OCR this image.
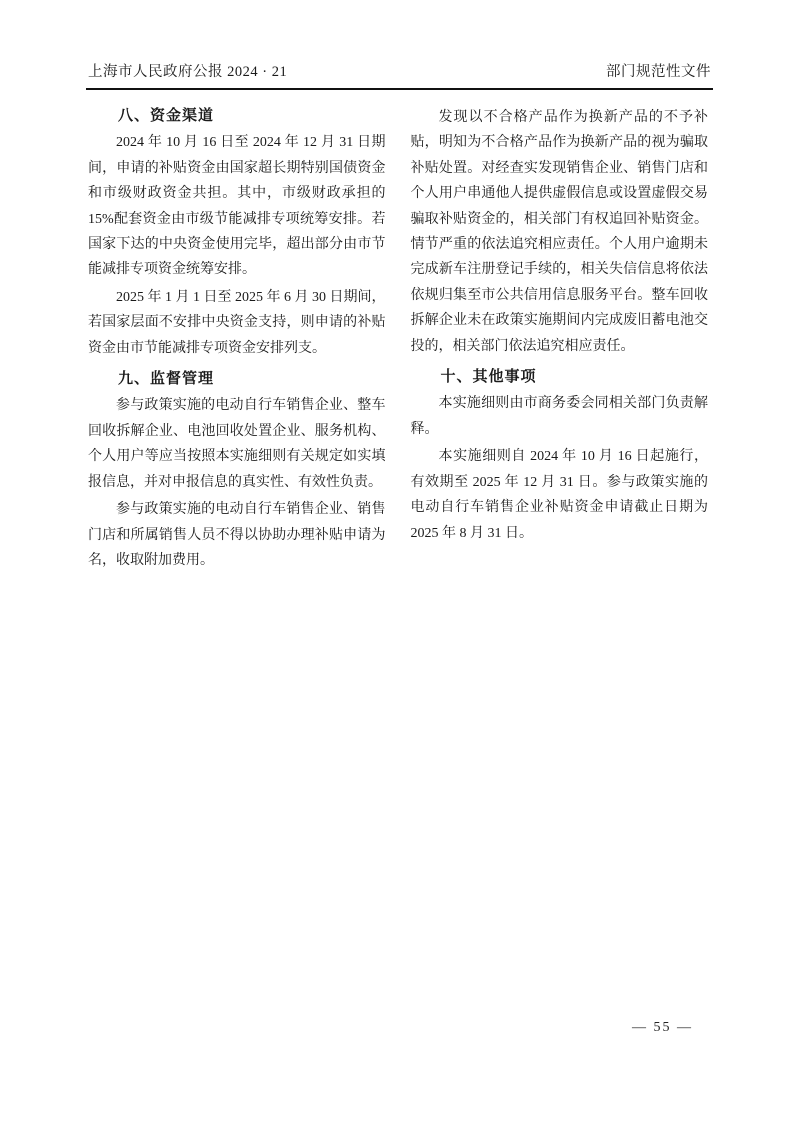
上海市人民政府公报 2024 · 21	部门规范性文件
八、资金渠道

2024 年 10 月 16 日至 2024 年 12 月 31 日期间，申请的补贴资金由国家超长期特别国债资金和市级财政资金共担。其中，市级财政承担的15%配套资金由市级节能减排专项统筹安排。若国家下达的中央资金使用完毕，超出部分由市节能减排专项资金统筹安排。

2025 年 1 月 1 日至 2025 年 6 月 30 日期间，若国家层面不安排中央资金支持，则申请的补贴资金由市节能减排专项资金安排列支。

九、监督管理

参与政策实施的电动自行车销售企业、整车回收拆解企业、电池回收处置企业、服务机构、个人用户等应当按照本实施细则有关规定如实填报信息，并对申报信息的真实性、有效性负责。

参与政策实施的电动自行车销售企业、销售门店和所属销售人员不得以协助办理补贴申请为名，收取附加费用。

发现以不合格产品作为换新产品的不予补贴，明知为不合格产品作为换新产品的视为骗取补贴处置。对经查实发现销售企业、销售门店和个人用户串通他人提供虚假信息或设置虚假交易骗取补贴资金的，相关部门有权追回补贴资金。情节严重的依法追究相应责任。个人用户逾期未完成新车注册登记手续的，相关失信信息将依法依规归集至市公共信用信息服务平台。整车回收拆解企业未在政策实施期间内完成废旧蓄电池交投的，相关部门依法追究相应责任。

十、其他事项

本实施细则由市商务委会同相关部门负责解释。

本实施细则自 2024 年 10 月 16 日起施行，有效期至 2025 年 12 月 31 日。参与政策实施的电动自行车销售企业补贴资金申请截止日期为 2025 年 8 月 31 日。

— 55 —
